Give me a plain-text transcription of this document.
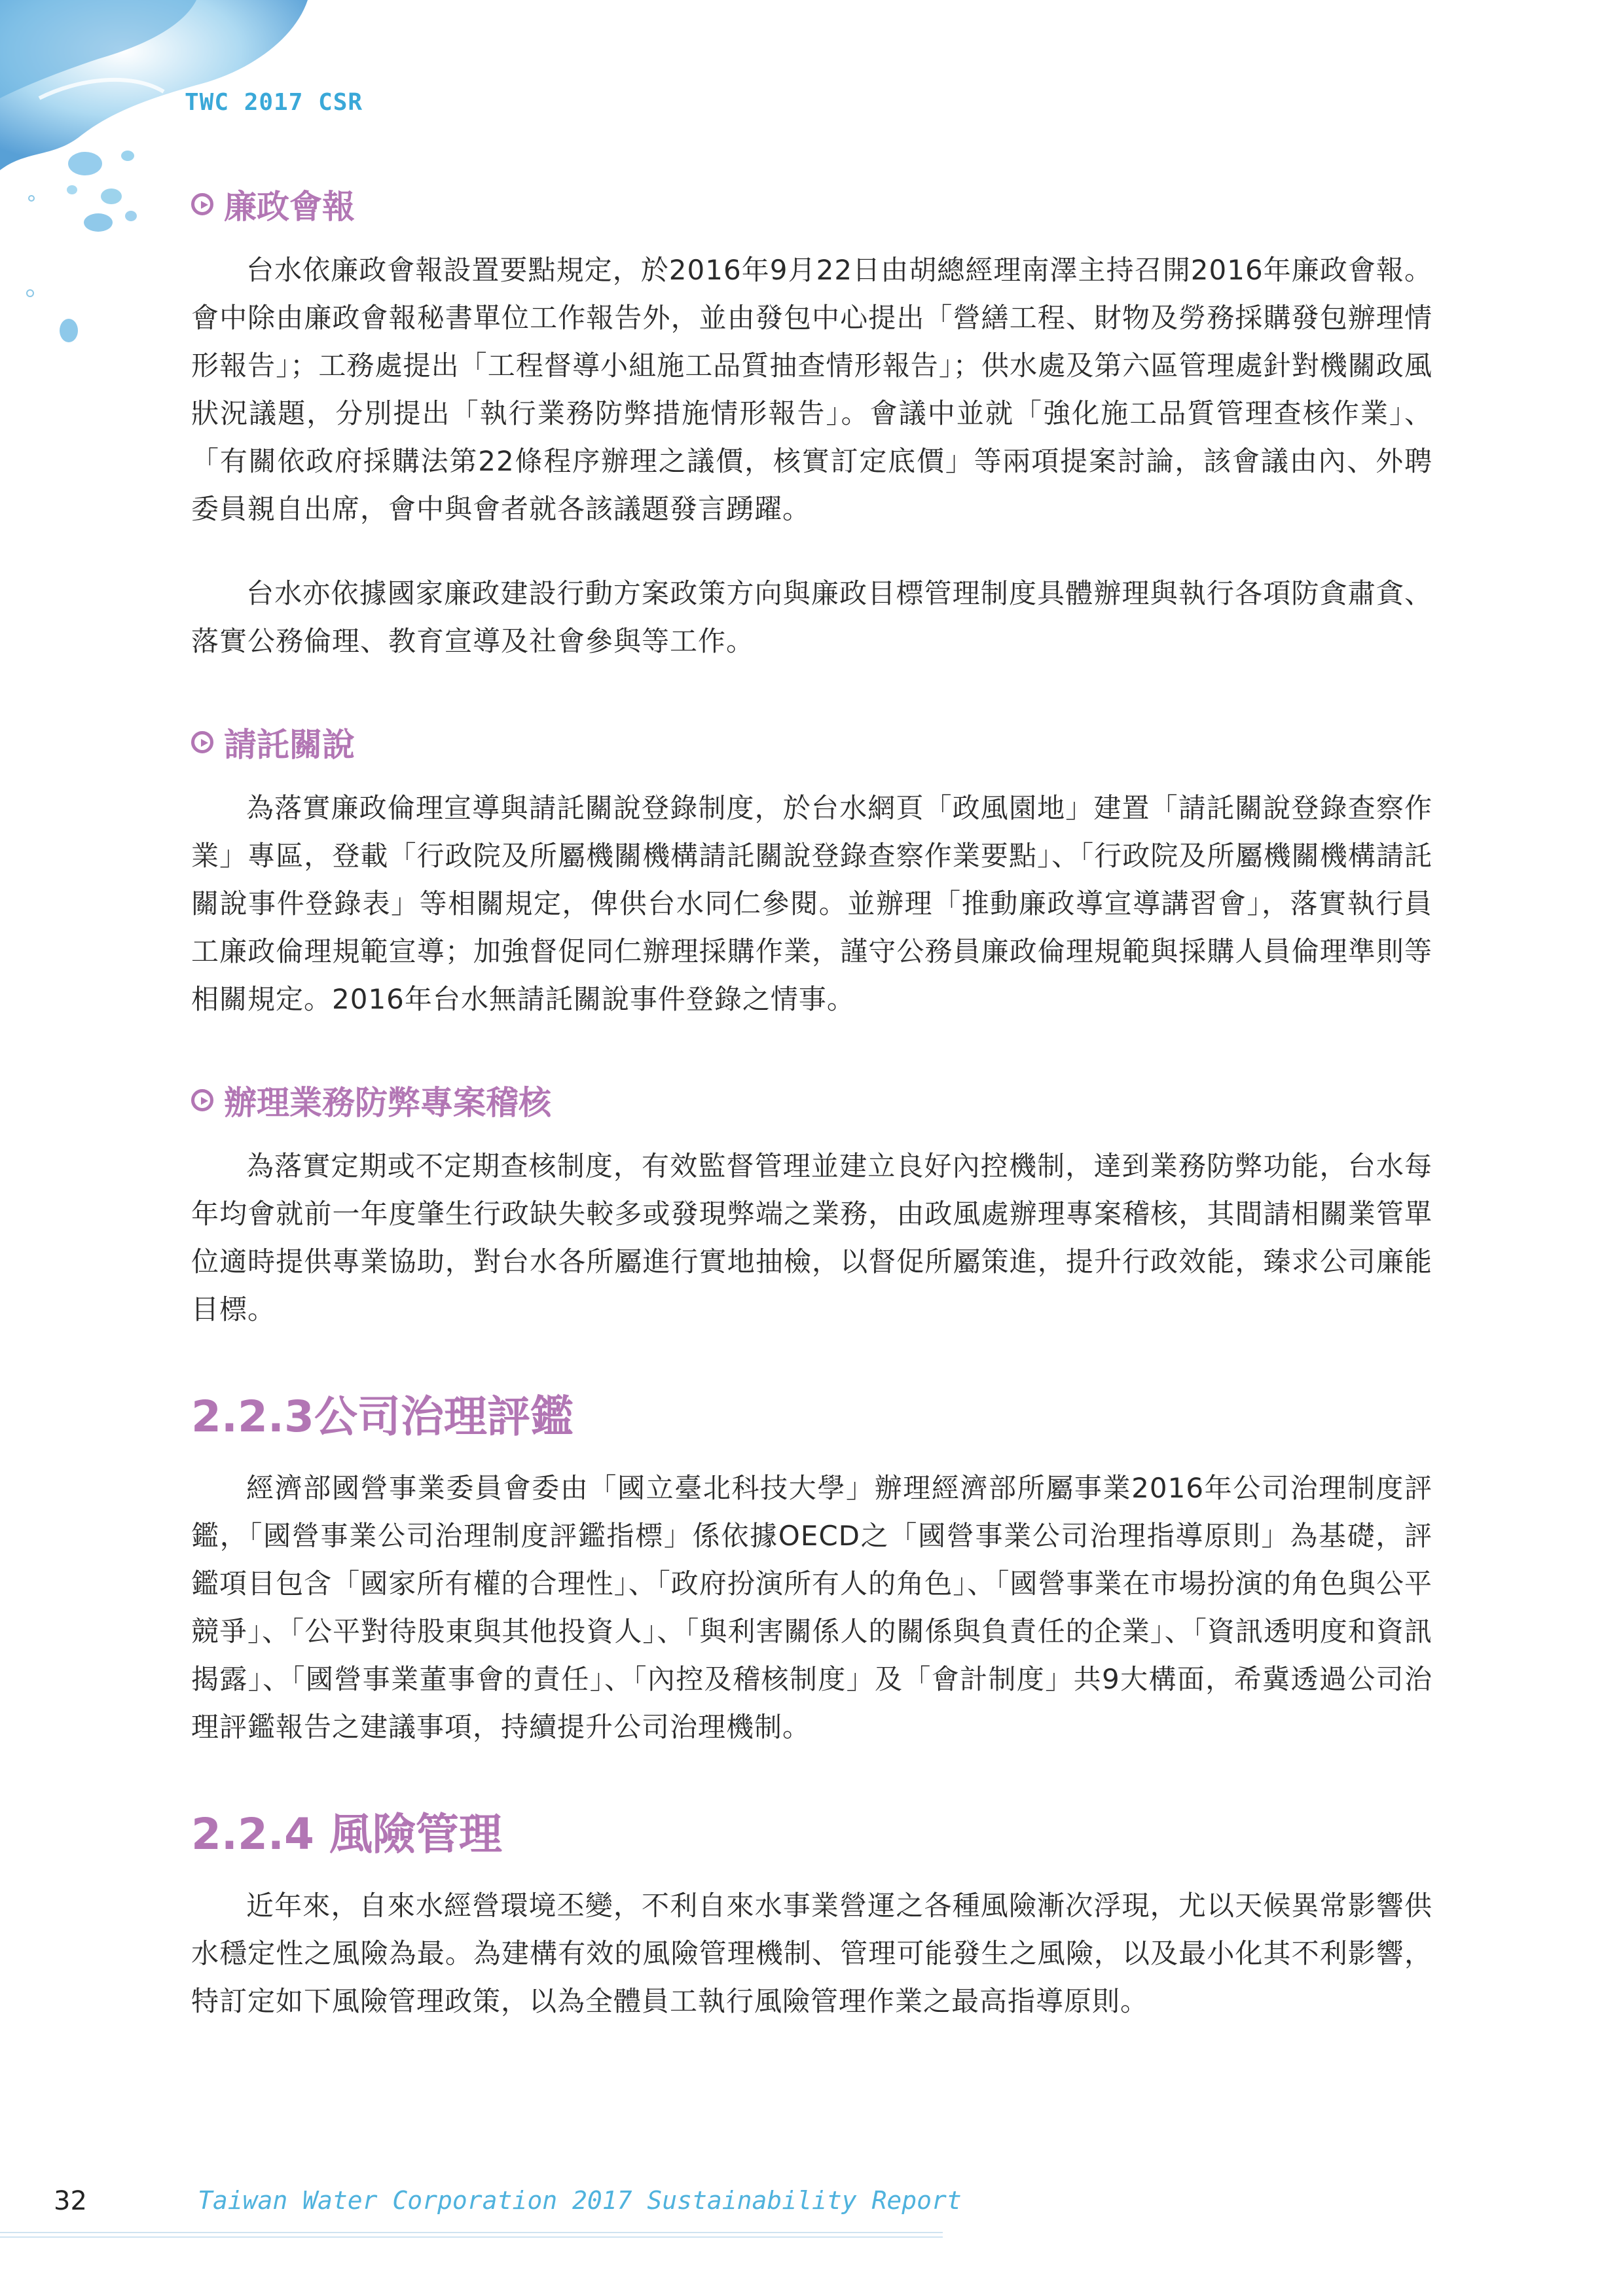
TWC 2017 CSR
廉政會報

台水依廉政會報設置要點規定，於2016年9月22日由胡總經理南澤主持召開2016年廉政會報。會中除由廉政會報秘書單位工作報告外，並由發包中心提出「營繕工程、財物及勞務採購發包辦理情形報告」；工務處提出「工程督導小組施工品質抽查情形報告」；供水處及第六區管理處針對機關政風狀況議題，分別提出「執行業務防弊措施情形報告」。會議中並就「強化施工品質管理查核作業」、「有關依政府採購法第22條程序辦理之議價，核實訂定底價」等兩項提案討論，該會議由內、外聘委員親自出席，會中與會者就各該議題發言踴躍。

台水亦依據國家廉政建設行動方案政策方向與廉政目標管理制度具體辦理與執行各項防貪肅貪、落實公務倫理、教育宣導及社會參與等工作。

請託關說

為落實廉政倫理宣導與請託關說登錄制度，於台水網頁「政風園地」建置「請託關說登錄查察作業」專區，登載「行政院及所屬機關機構請託關說登錄查察作業要點」、「行政院及所屬機關機構請託關說事件登錄表」等相關規定，俾供台水同仁參閱。並辦理「推動廉政導宣導講習會」，落實執行員工廉政倫理規範宣導；加強督促同仁辦理採購作業，謹守公務員廉政倫理規範與採購人員倫理準則等相關規定。2016年台水無請託關說事件登錄之情事。

辦理業務防弊專案稽核

為落實定期或不定期查核制度，有效監督管理並建立良好內控機制，達到業務防弊功能，台水每年均會就前一年度肇生行政缺失較多或發現弊端之業務，由政風處辦理專案稽核，其間請相關業管單位適時提供專業協助，對台水各所屬進行實地抽檢，以督促所屬策進，提升行政效能，臻求公司廉能目標。

2.2.3公司治理評鑑

經濟部國營事業委員會委由「國立臺北科技大學」辦理經濟部所屬事業2016年公司治理制度評鑑，「國營事業公司治理制度評鑑指標」係依據OECD之「國營事業公司治理指導原則」為基礎，評鑑項目包含「國家所有權的合理性」、「政府扮演所有人的角色」、「國營事業在市場扮演的角色與公平競爭」、「公平對待股東與其他投資人」、「與利害關係人的關係與負責任的企業」、「資訊透明度和資訊揭露」、「國營事業董事會的責任」、「內控及稽核制度」及「會計制度」共9大構面，希冀透過公司治理評鑑報告之建議事項，持續提升公司治理機制。

2.2.4 風險管理

近年來，自來水經營環境丕變，不利自來水事業營運之各種風險漸次浮現，尤以天候異常影響供水穩定性之風險為最。為建構有效的風險管理機制、管理可能發生之風險，以及最小化其不利影響，特訂定如下風險管理政策，以為全體員工執行風險管理作業之最高指導原則。

32	Taiwan Water Corporation 2017 Sustainability Report
